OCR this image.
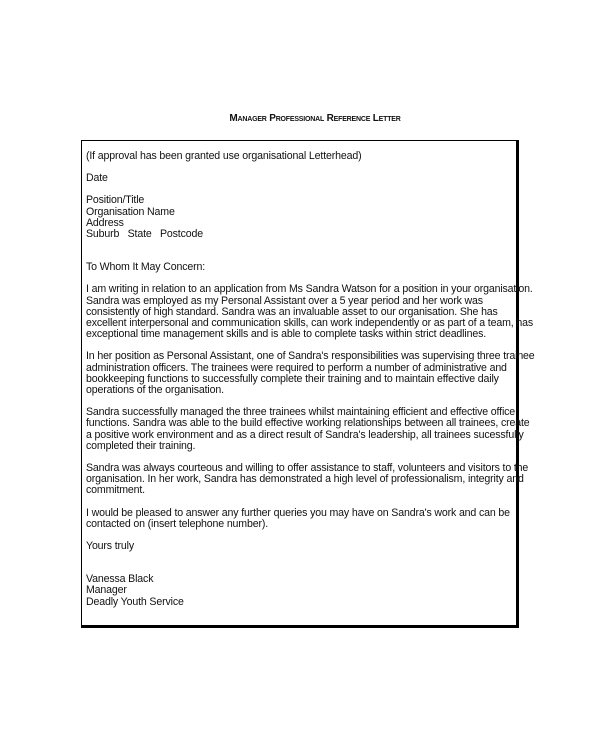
Manager Professional Reference Letter
(If approval has been granted use organisational Letterhead)
Date
Position/Title
Organisation Name
Address
Suburb   State   Postcode
To Whom It May Concern:
I am writing in relation to an application from Ms Sandra Watson for a position in your organisation.
Sandra was employed as my Personal Assistant over a 5 year period and her work was
consistently of high standard. Sandra was an invaluable asset to our organisation. She has
excellent interpersonal and communication skills, can work independently or as part of a team, has
exceptional time management skills and is able to complete tasks within strict deadlines.
In her position as Personal Assistant, one of Sandra's responsibilities was supervising three trainee
administration officers. The trainees were required to perform a number of administrative and
bookkeeping functions to successfully complete their training and to maintain effective daily
operations of the organisation.
Sandra successfully managed the three trainees whilst maintaining efficient and effective office
functions. Sandra was able to the build effective working relationships between all trainees, create
a positive work environment and as a direct result of Sandra's leadership, all trainees sucessfully
completed their training.
Sandra was always courteous and willing to offer assistance to staff, volunteers and visitors to the
organisation. In her work, Sandra has demonstrated a high level of professionalism, integrity and
commitment.
I would be pleased to answer any further queries you may have on Sandra's work and can be
contacted on (insert telephone number).
Yours truly
Vanessa Black
Manager
Deadly Youth Service
